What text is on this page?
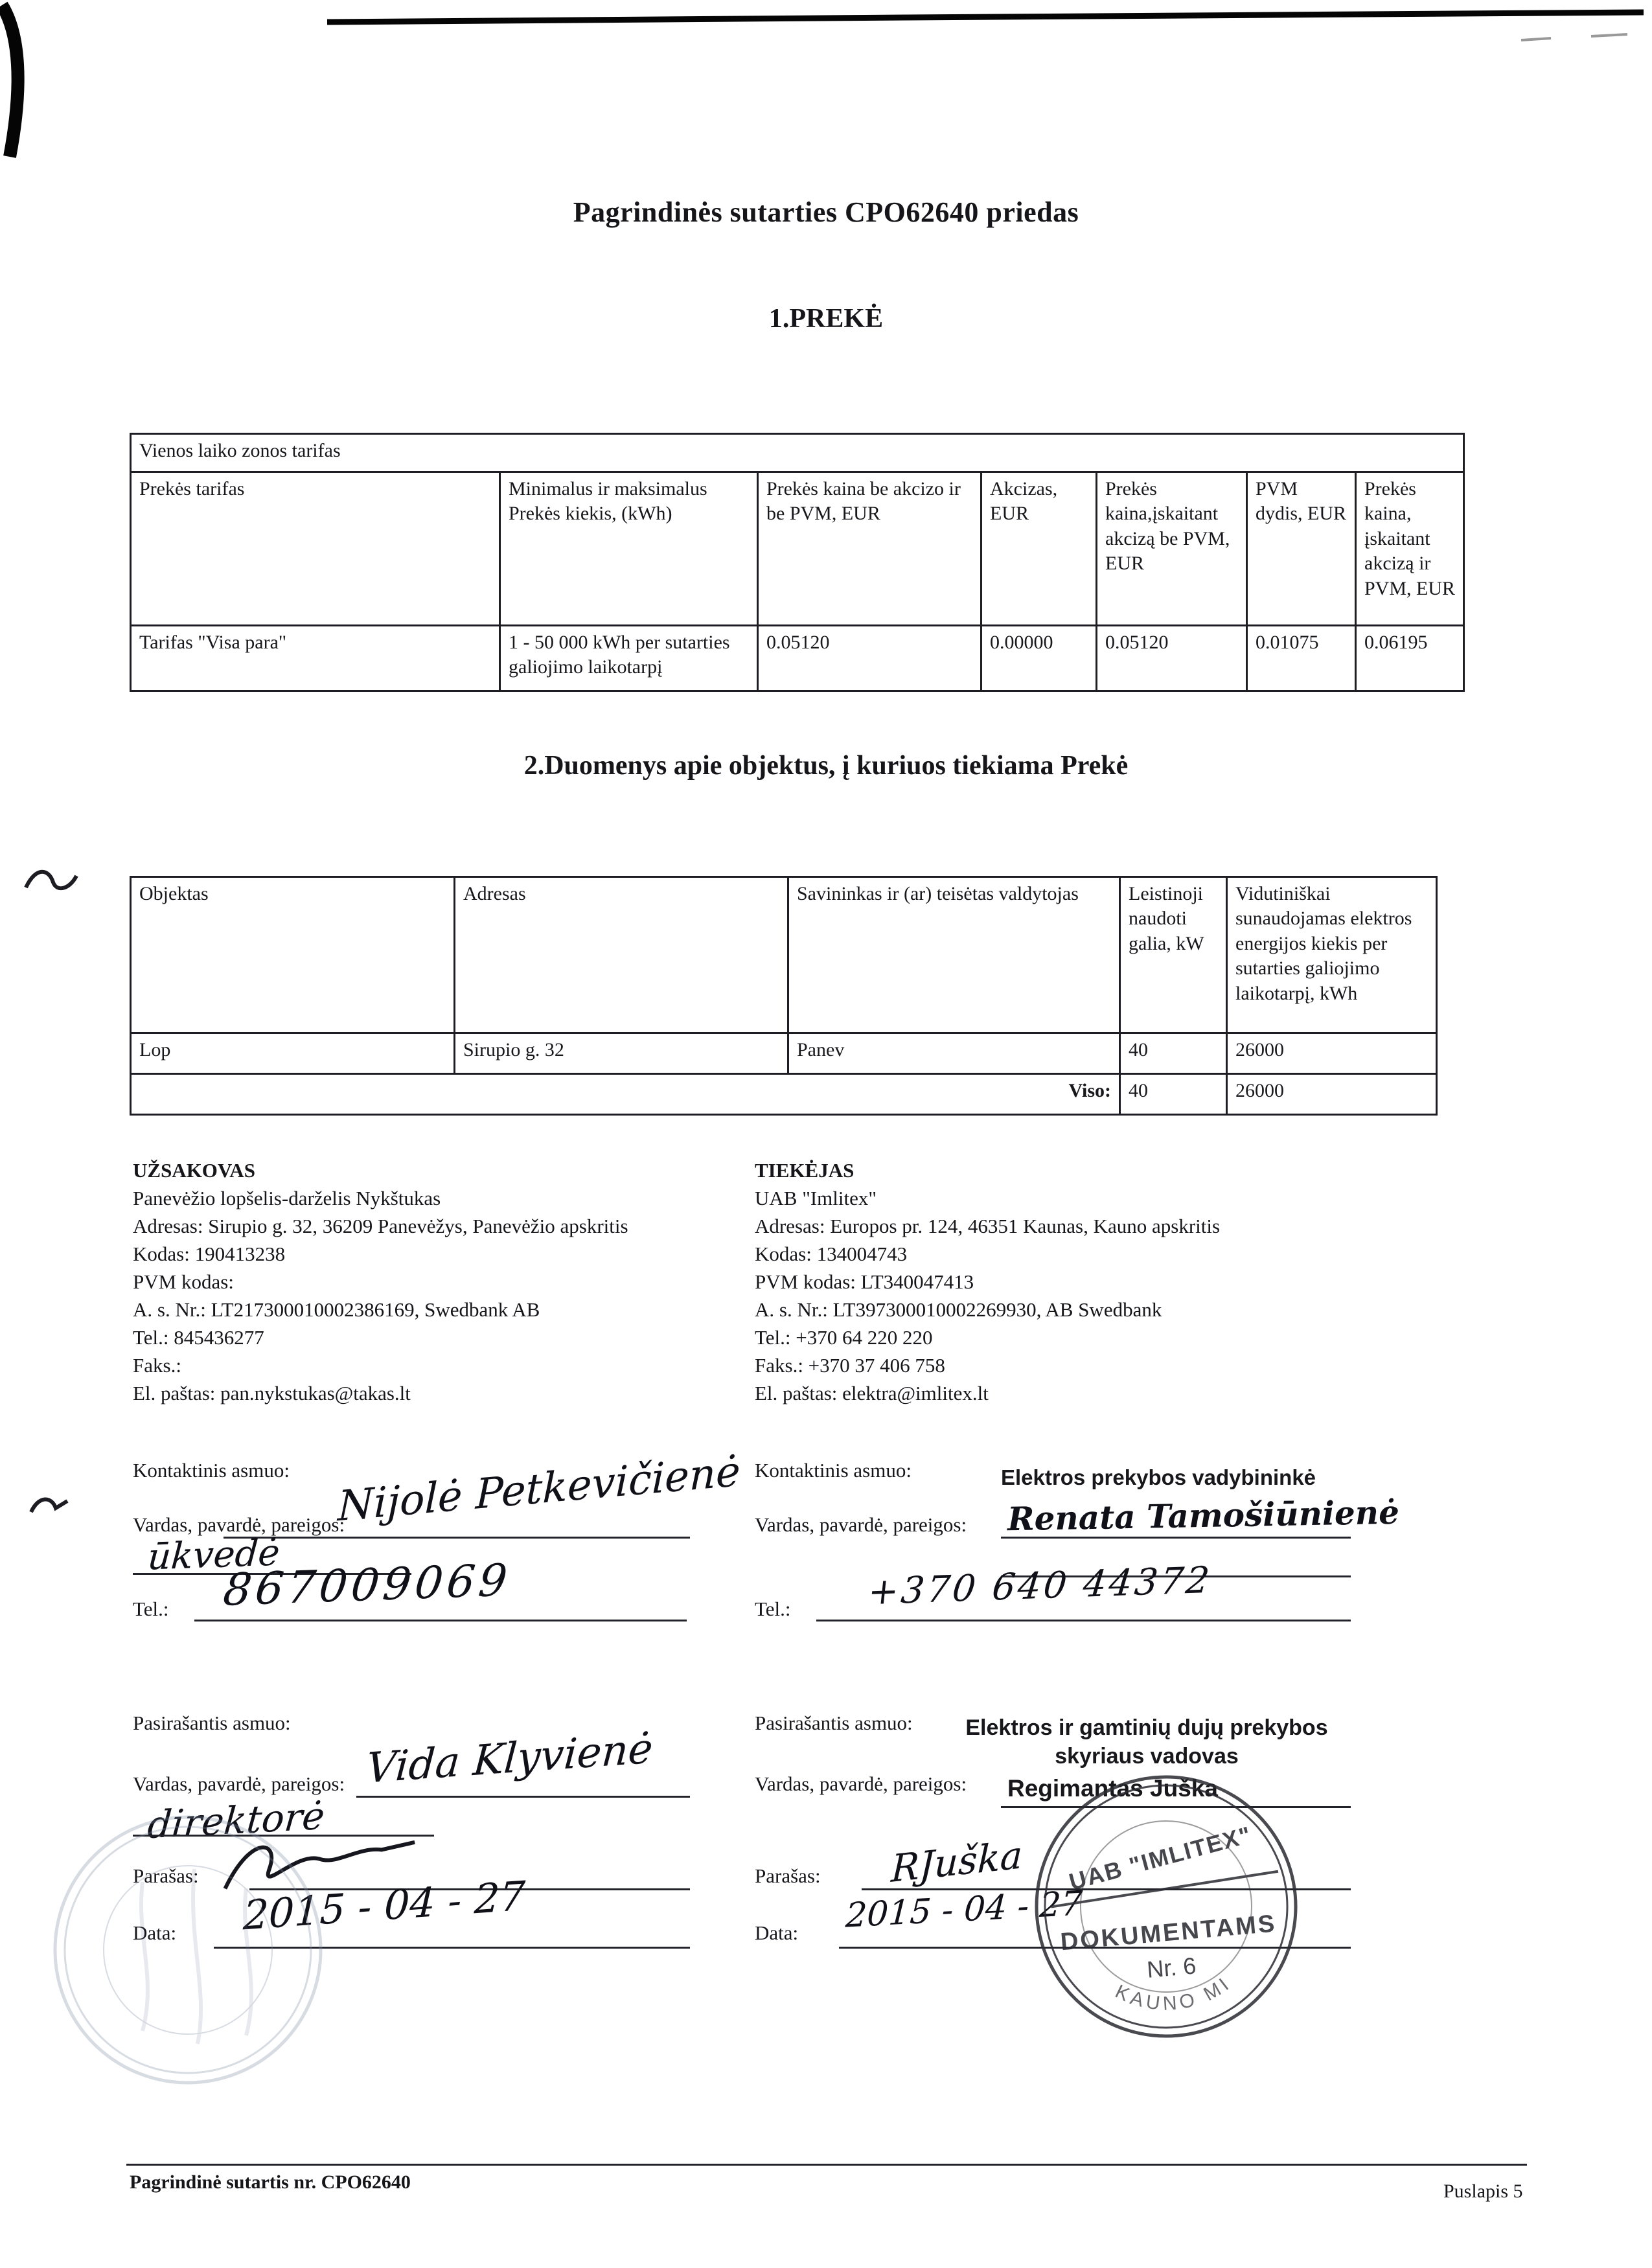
Pagrindinės sutarties CPO62640 priedas
1.PREKĖ
Vienos laiko zonos tarifas						
Prekės tarifas	Minimalus ir maksimalus Prekės kiekis, (kWh)	Prekės kaina be akcizo ir be PVM, EUR	Akcizas, EUR	Prekės kaina,įskaitant akcizą be PVM, EUR	PVM dydis, EUR	Prekės kaina, įskaitant akcizą ir PVM, EUR
Tarifas "Visa para"	1 - 50 000 kWh per sutarties galiojimo laikotarpį	0.05120	0.00000	0.05120	0.01075	0.06195
2.Duomenys apie objektus, į kuriuos tiekiama Prekė
Objektas	Adresas	Savininkas ir (ar) teisėtas valdytojas	Leistinoji naudoti galia, kW	Vidutiniškai sunaudojamas elektros energijos kiekis per sutarties galiojimo laikotarpį, kWh
Lop	Sirupio g. 32	Panev	40	26000
Viso:			40	26000
UŽSAKOVAS
Panevėžio lopšelis-darželis Nykštukas
Adresas: Sirupio g. 32, 36209 Panevėžys, Panevėžio apskritis
Kodas: 190413238
PVM kodas:
A. s. Nr.: LT217300010002386169, Swedbank AB
Tel.: 845436277
Faks.:
El. paštas: pan.nykstukas@takas.lt
TIEKĖJAS
UAB "Imlitex"
Adresas: Europos pr. 124, 46351 Kaunas, Kauno apskritis
Kodas: 134004743
PVM kodas: LT340047413
A. s. Nr.: LT397300010002269930, AB Swedbank
Tel.: +370 64 220 220
Faks.: +370 37 406 758
El. paštas: elektra@imlitex.lt
Kontaktinis asmuo:
Vardas, pavardė, pareigos:
Nijolė Petkevičienė
ūkvedė
Tel.: 867009069
Kontaktinis asmuo:	Elektros prekybos vadybininkė
Vardas, pavardė, pareigos: Renata Tamošiūnienė
Tel.: +370 640 44372
Pasirašantis asmuo:
Vardas, pavardė, pareigos: Vida Klyvienė
direktorė
Parašas:
Data: 2015 - 04 - 27
Pasirašantis asmuo:	Elektros ir gamtinių dujų prekybos skyriaus vadovas
Vardas, pavardė, pareigos: Regimantas Juška
Parašas: RJuška
Data: 2015 - 04 - 27
UAB "IMLITEX"
DOKUMENTAMS
Nr. 6
KAUNO MI
Pagrindinė sutartis nr. CPO62640	Puslapis 5
